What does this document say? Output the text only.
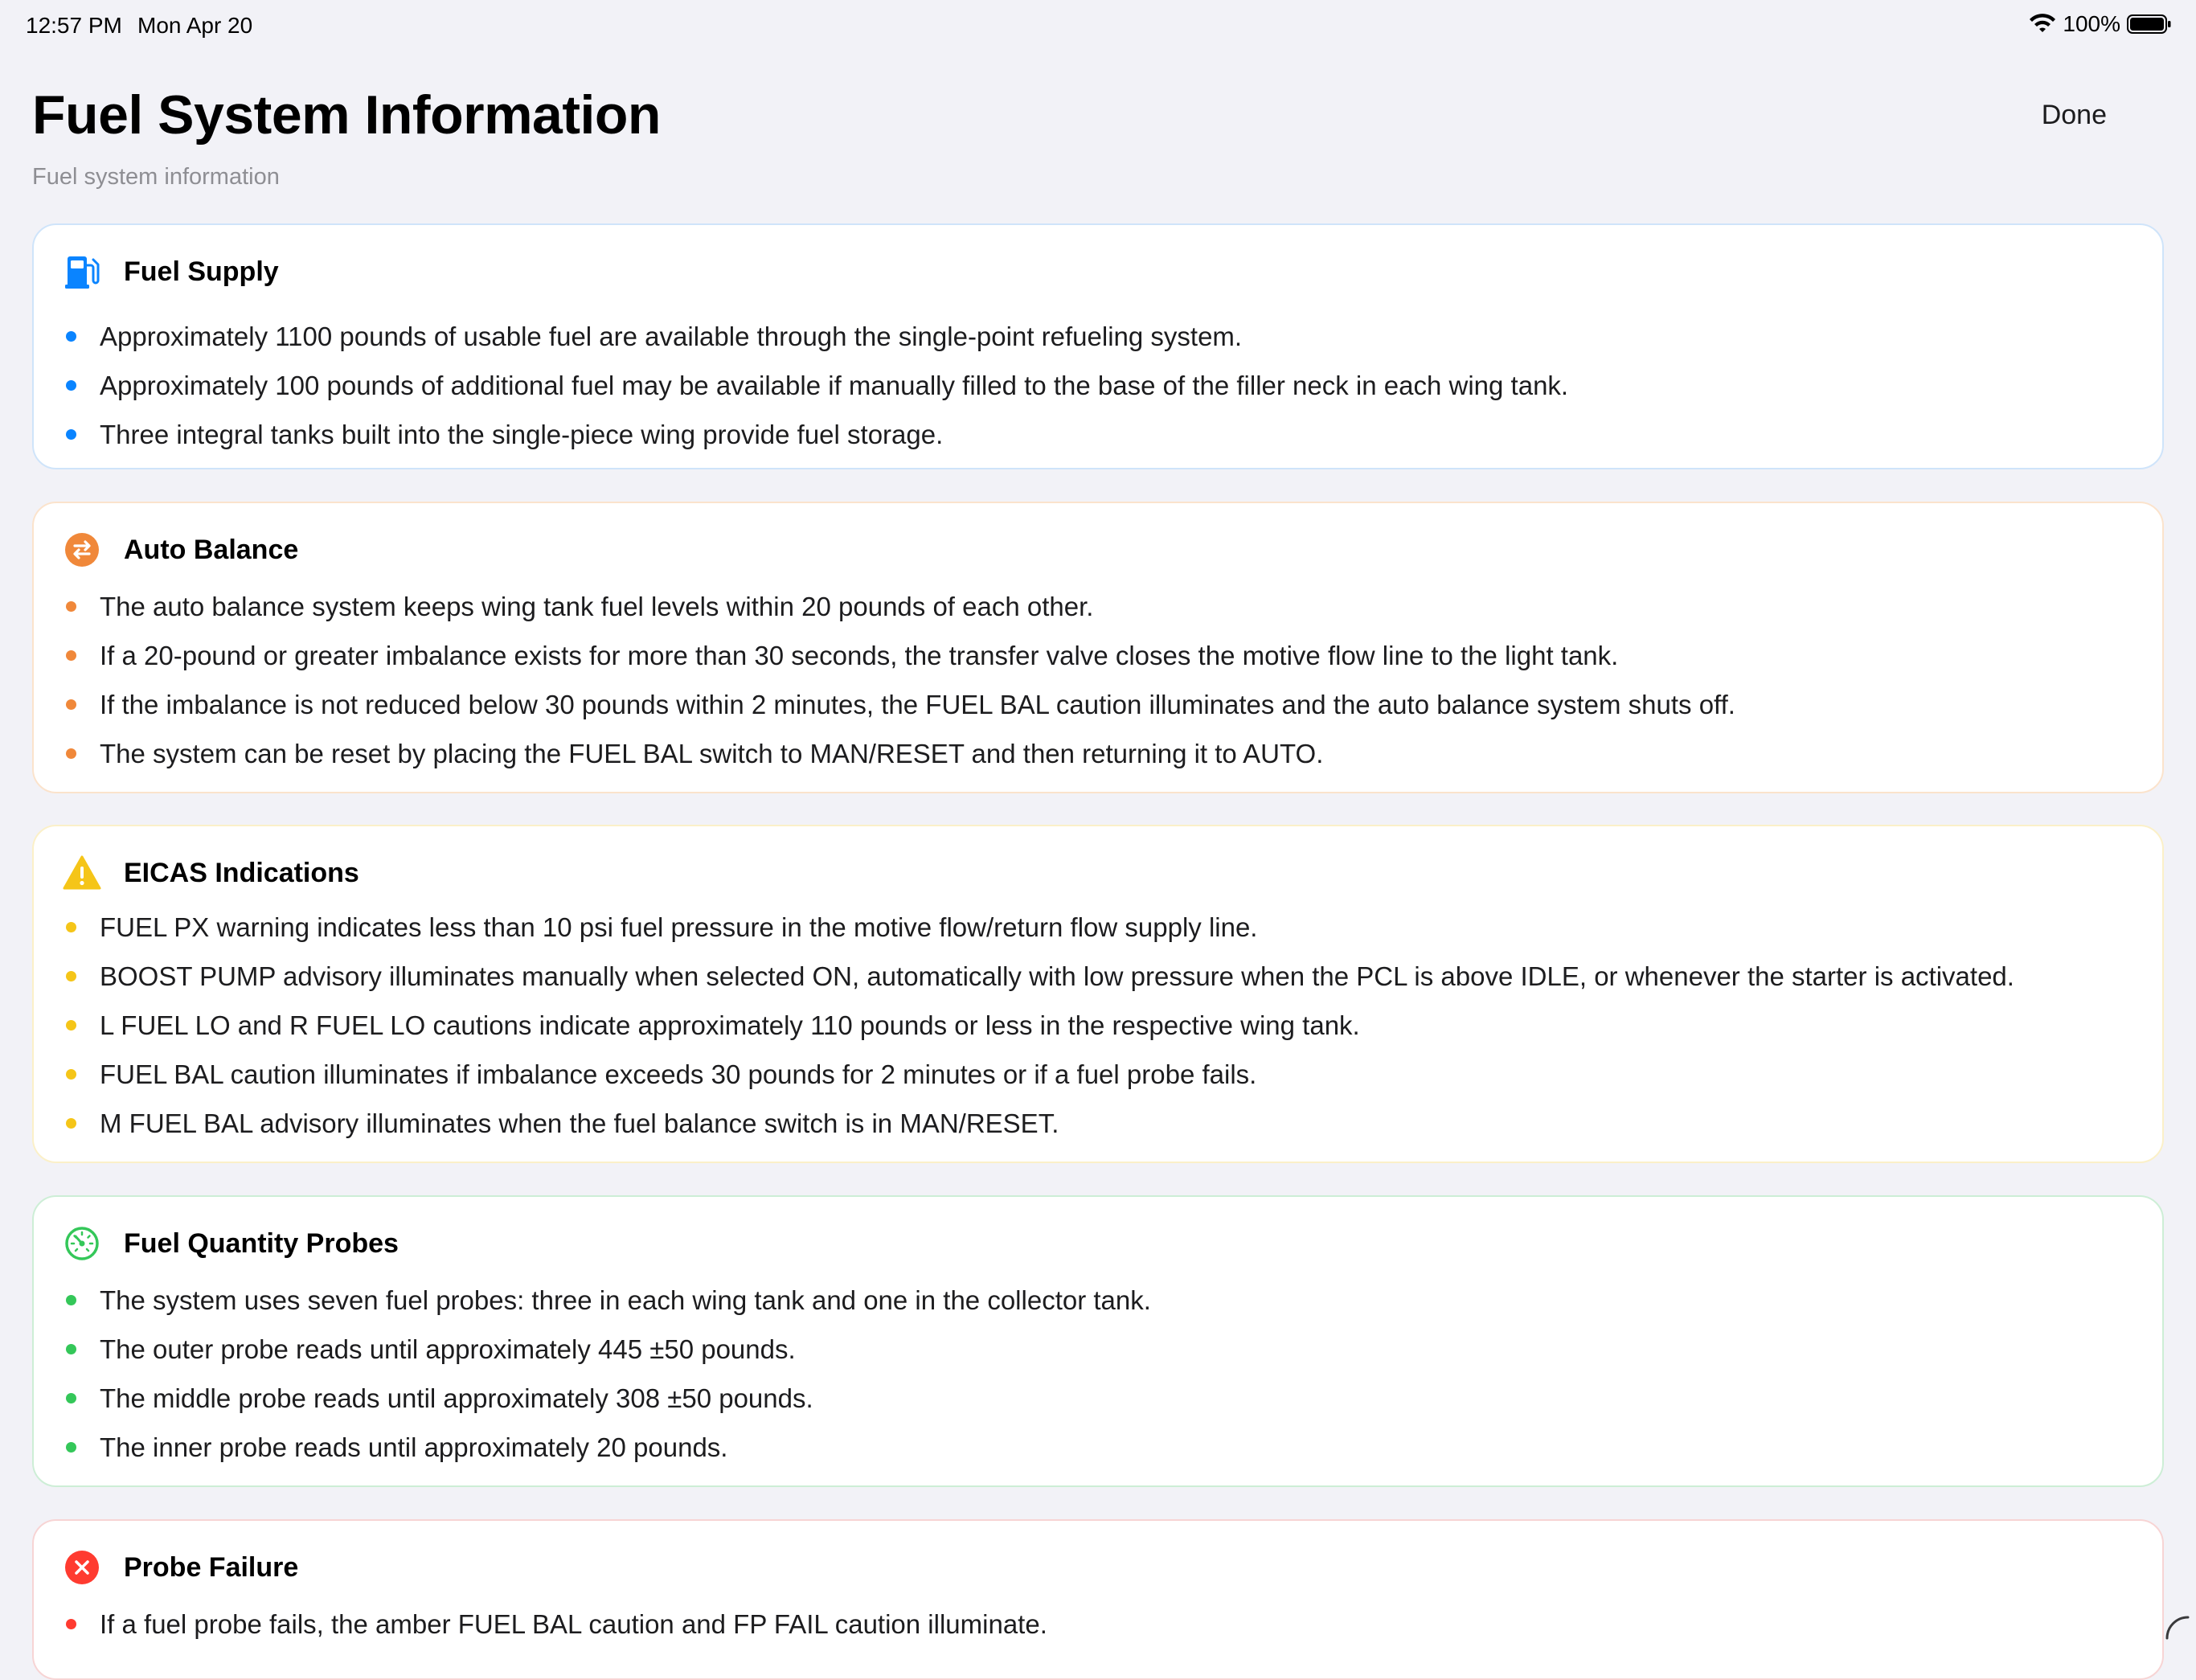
12:57 PM Mon Apr 20	100%
Fuel System Information
Fuel system information
Done
Fuel Supply
Approximately 1100 pounds of usable fuel are available through the single-point refueling system.
Approximately 100 pounds of additional fuel may be available if manually filled to the base of the filler neck in each wing tank.
Three integral tanks built into the single-piece wing provide fuel storage.
Auto Balance
The auto balance system keeps wing tank fuel levels within 20 pounds of each other.
If a 20-pound or greater imbalance exists for more than 30 seconds, the transfer valve closes the motive flow line to the light tank.
If the imbalance is not reduced below 30 pounds within 2 minutes, the FUEL BAL caution illuminates and the auto balance system shuts off.
The system can be reset by placing the FUEL BAL switch to MAN/RESET and then returning it to AUTO.
EICAS Indications
FUEL PX warning indicates less than 10 psi fuel pressure in the motive flow/return flow supply line.
BOOST PUMP advisory illuminates manually when selected ON, automatically with low pressure when the PCL is above IDLE, or whenever the starter is activated.
L FUEL LO and R FUEL LO cautions indicate approximately 110 pounds or less in the respective wing tank.
FUEL BAL caution illuminates if imbalance exceeds 30 pounds for 2 minutes or if a fuel probe fails.
M FUEL BAL advisory illuminates when the fuel balance switch is in MAN/RESET.
Fuel Quantity Probes
The system uses seven fuel probes: three in each wing tank and one in the collector tank.
The outer probe reads until approximately 445 ±50 pounds.
The middle probe reads until approximately 308 ±50 pounds.
The inner probe reads until approximately 20 pounds.
Probe Failure
If a fuel probe fails, the amber FUEL BAL caution and FP FAIL caution illuminate.
